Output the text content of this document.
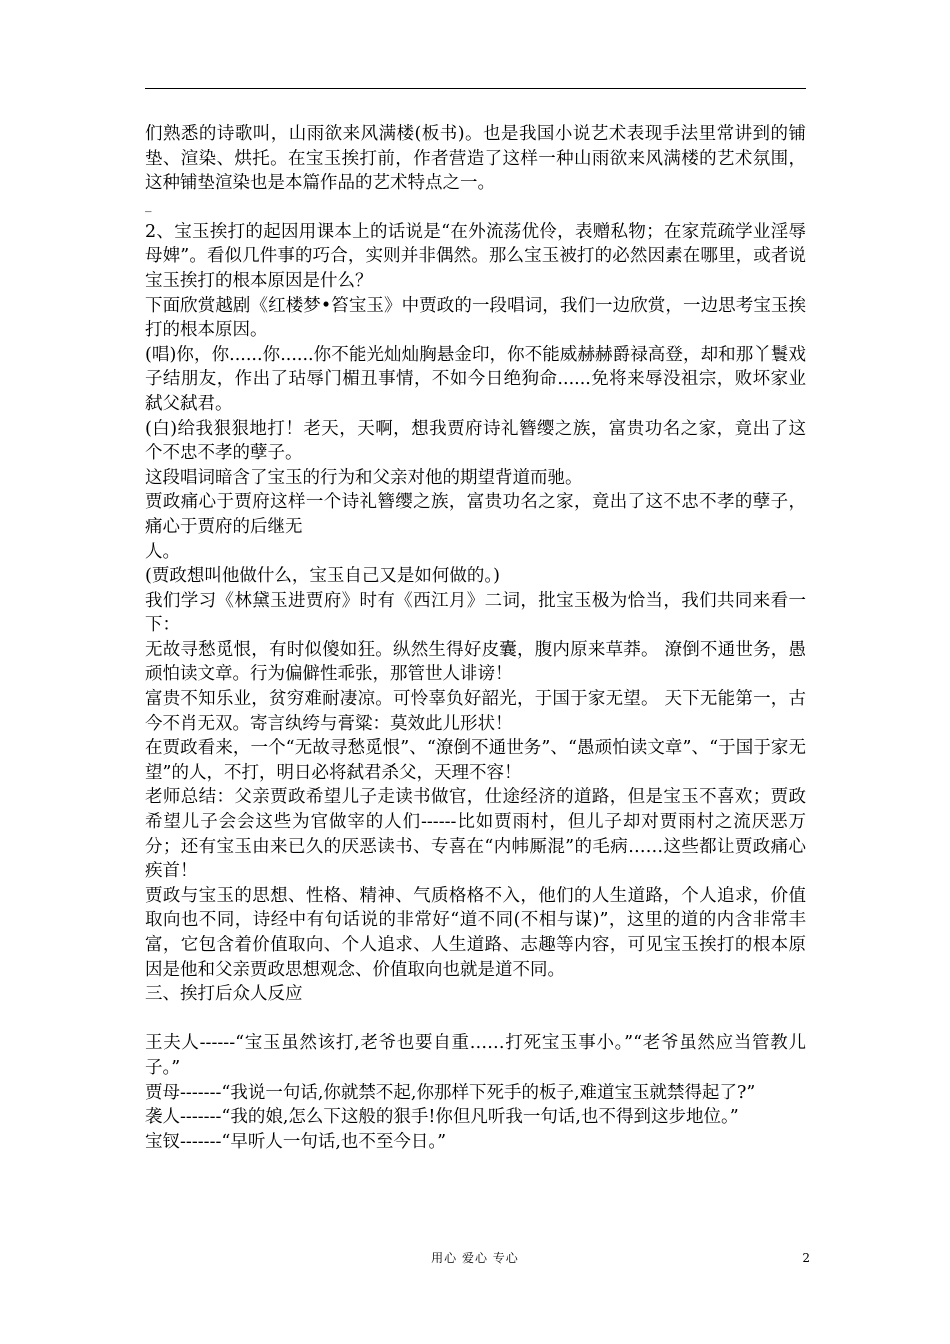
们熟悉的诗歌叫，山雨欲来风满楼(板书)。也是我国小说艺术表现手法里常讲到的铺垫、渲染、烘托。在宝玉挨打前，作者营造了这样一种山雨欲来风满楼的艺术氛围，这种铺垫渲染也是本篇作品的艺术特点之一。

_

2、宝玉挨打的起因用课本上的话说是“在外流荡优伶，表赠私物；在家荒疏学业淫辱母婢”。看似几件事的巧合，实则并非偶然。那么宝玉被打的必然因素在哪里，或者说宝玉挨打的根本原因是什么？

下面欣赏越剧《红楼梦•笞宝玉》中贾政的一段唱词，我们一边欣赏，一边思考宝玉挨打的根本原因。

(唱)你，你......你......你不能光灿灿胸悬金印，你不能威赫赫爵禄高登，却和那丫鬟戏子结朋友，作出了玷辱门楣丑事情，不如今日绝狗命......免将来辱没祖宗，败坏家业弑父弑君。

(白)给我狠狠地打！老天，天啊，想我贾府诗礼簪缨之族，富贵功名之家，竟出了这个不忠不孝的孽子。

这段唱词暗含了宝玉的行为和父亲对他的期望背道而驰。

贾政痛心于贾府这样一个诗礼簪缨之族，富贵功名之家，竟出了这不忠不孝的孽子，痛心于贾府的后继无

人。

(贾政想叫他做什么，宝玉自己又是如何做的。)

我们学习《林黛玉进贾府》时有《西江月》二词，批宝玉极为恰当，我们共同来看一下：

无故寻愁觅恨，有时似傻如狂。纵然生得好皮囊，腹内原来草莽。 潦倒不通世务，愚顽怕读文章。行为偏僻性乖张，那管世人诽谤！

富贵不知乐业，贫穷难耐凄凉。可怜辜负好韶光，于国于家无望。 天下无能第一，古今不肖无双。寄言纨绔与膏粱：莫效此儿形状！

在贾政看来，一个“无故寻愁觅恨”、“潦倒不通世务”、“愚顽怕读文章”、“于国于家无望”的人，不打，明日必将弑君杀父，天理不容！

老师总结：父亲贾政希望儿子走读书做官，仕途经济的道路，但是宝玉不喜欢；贾政希望儿子会会这些为官做宰的人们------比如贾雨村，但儿子却对贾雨村之流厌恶万分；还有宝玉由来已久的厌恶读书、专喜在“内帏厮混”的毛病……这些都让贾政痛心疾首！

贾政与宝玉的思想、性格、精神、气质格格不入，他们的人生道路，个人追求，价值取向也不同，诗经中有句话说的非常好“道不同(不相与谋)”，这里的道的内含非常丰富，它包含着价值取向、个人追求、人生道路、志趣等内容，可见宝玉挨打的根本原因是他和父亲贾政思想观念、价值取向也就是道不同。

三、挨打后众人反应

王夫人------“宝玉虽然该打,老爷也要自重……打死宝玉事小。”“老爷虽然应当管教儿子。”

贾母-------“我说一句话,你就禁不起,你那样下死手的板子,难道宝玉就禁得起了?”

袭人-------“我的娘,怎么下这般的狠手!你但凡听我一句话,也不得到这步地位。”

宝钗-------“早听人一句话,也不至今日。”

用心 爱心 专心	2
